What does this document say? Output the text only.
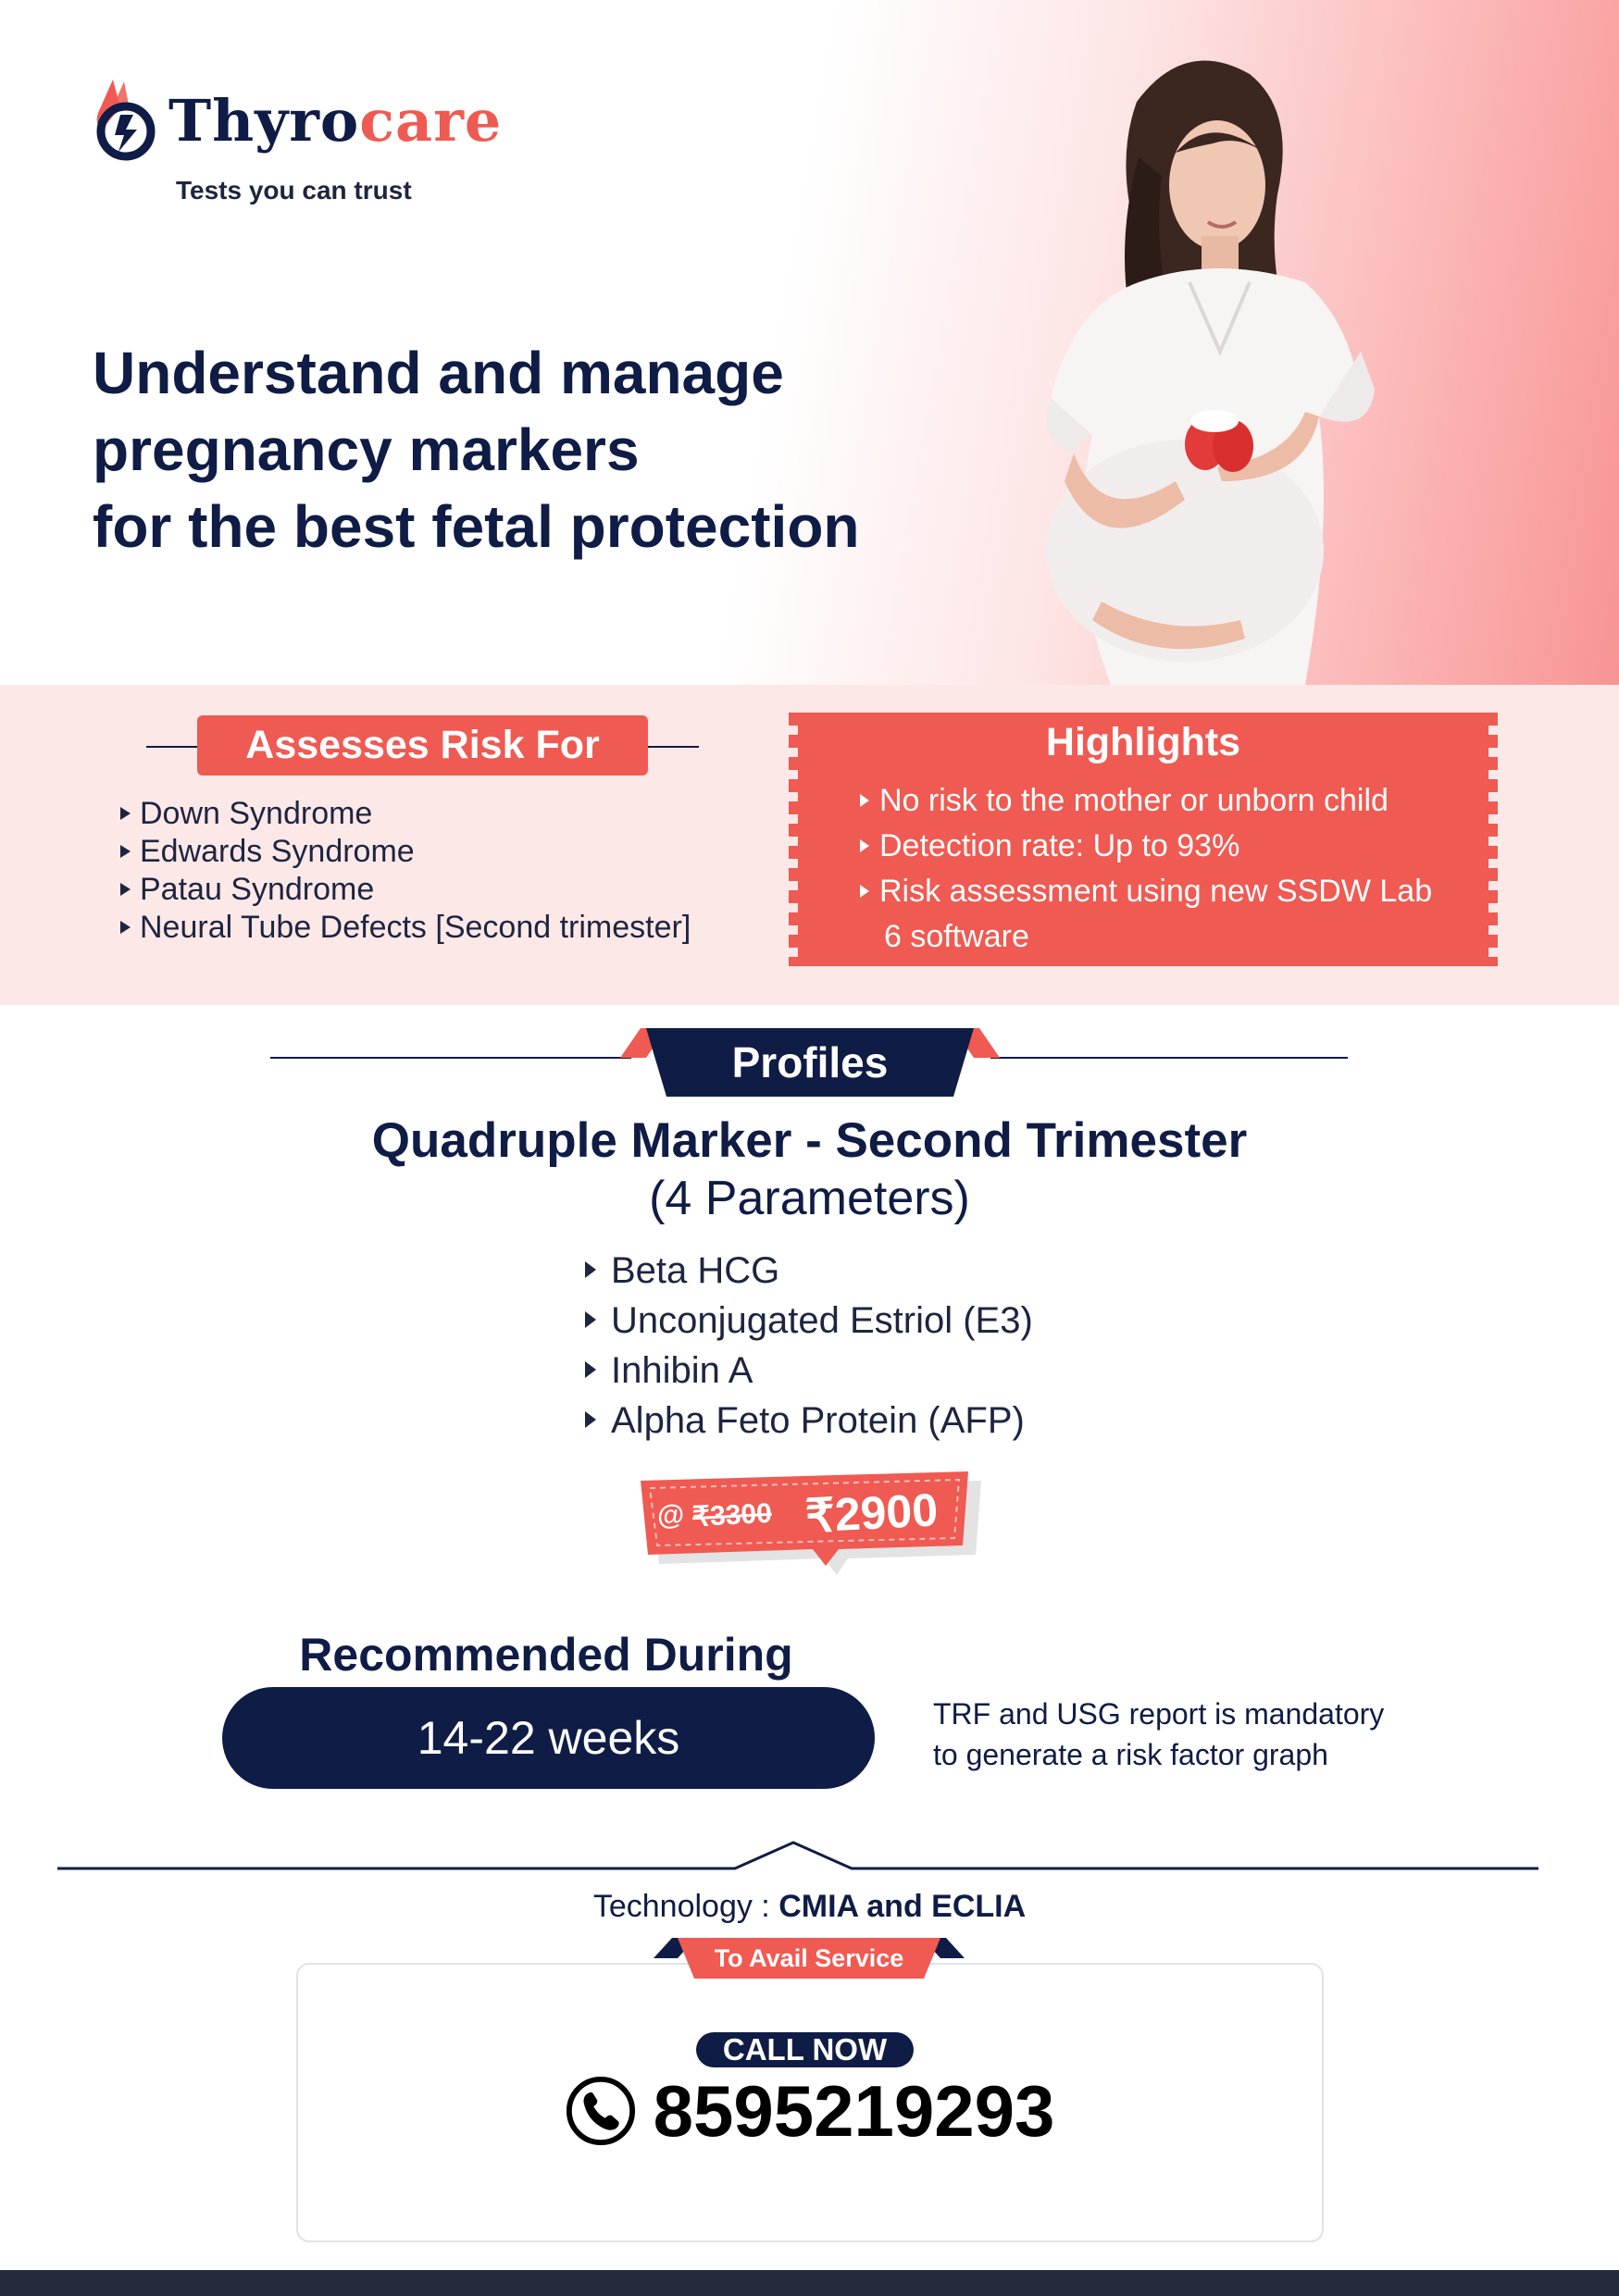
Thyrocare
Tests you can trust
Understand and manage
pregnancy markers
for the best fetal protection
Assesses Risk For
Down Syndrome
Edwards Syndrome
Patau Syndrome
Neural Tube Defects [Second trimester]
Highlights
No risk to the mother or unborn child
Detection rate: Up to 93%
Risk assessment using new SSDW Lab
6 software
Profiles
Quadruple Marker - Second Trimester
(4 Parameters)
Beta HCG
Unconjugated Estriol (E3)
Inhibin A
Alpha Feto Protein (AFP)
@ ₹3300 ₹2900
Recommended During
14-22 weeks	TRF and USG report is mandatory
to generate a risk factor graph
Technology : CMIA and ECLIA
To Avail Service
CALL NOW
8595219293
